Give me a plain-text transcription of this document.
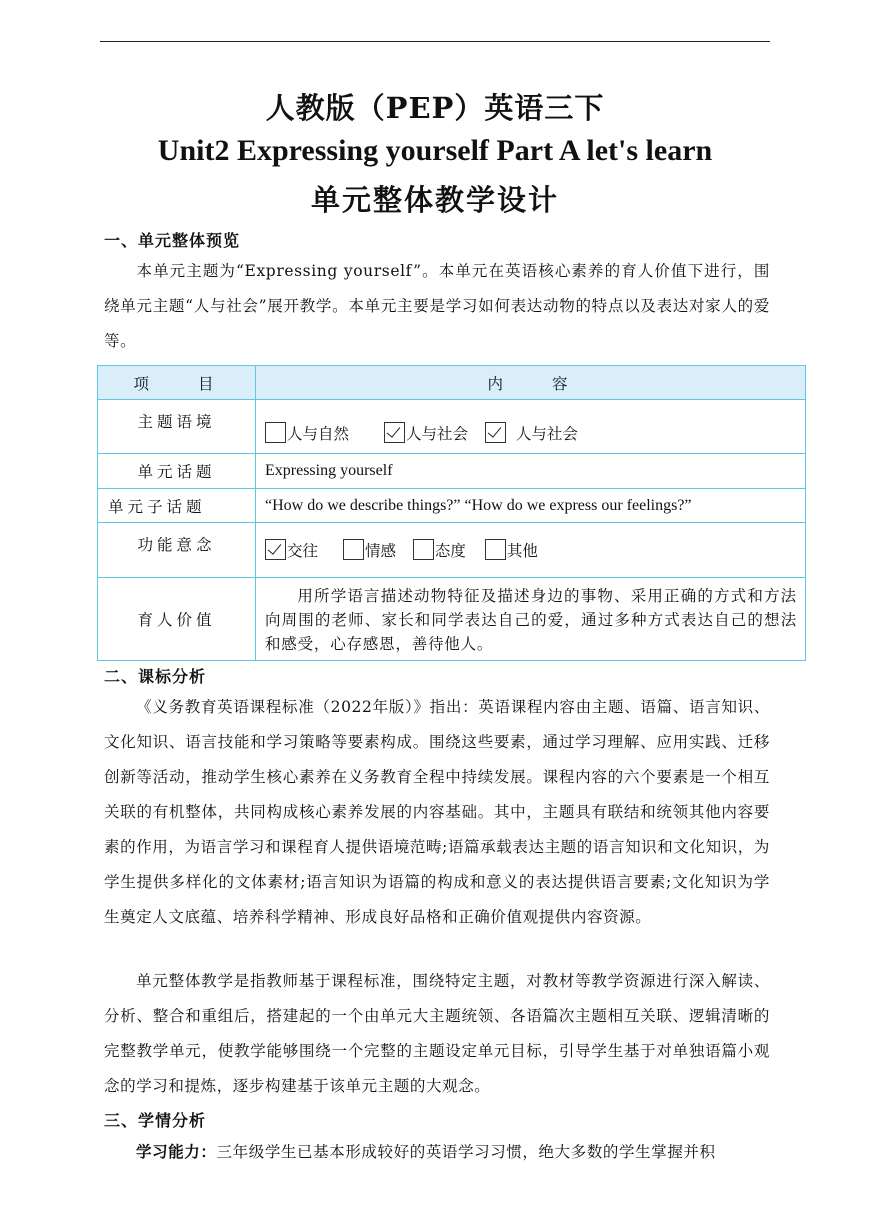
人教版（PEP）英语三下
Unit2 Expressing yourself Part A let's learn
单元整体教学设计
一、单元整体预览
本单元主题为“Expressing yourself”。本单元在英语核心素养的育人价值下进行，围绕单元主题“人与社会”展开教学。本单元主要是学习如何表达动物的特点以及表达对家人的爱等。
项　　目	内　　容
主题语境	人与自然 人与社会 人与社会
单元话题	Expressing yourself
单元子话题	“How do we describe things?” “How do we express our feelings?”
功能意念	交往 情感 态度 其他
育人价值	用所学语言描述动物特征及描述身边的事物、采用正确的方式和方法向周围的老师、家长和同学表达自己的爱，通过多种方式表达自己的想法和感受，心存感恩，善待他人。
二、课标分析
《义务教育英语课程标准（2022年版）》指出：英语课程内容由主题、语篇、语言知识、文化知识、语言技能和学习策略等要素构成。围绕这些要素，通过学习理解、应用实践、迁移创新等活动，推动学生核心素养在义务教育全程中持续发展。课程内容的六个要素是一个相互关联的有机整体，共同构成核心素养发展的内容基础。其中，主题具有联结和统领其他内容要素的作用，为语言学习和课程育人提供语境范畴;语篇承载表达主题的语言知识和文化知识，为学生提供多样化的文体素材;语言知识为语篇的构成和意义的表达提供语言要素;文化知识为学生奠定人文底蕴、培养科学精神、形成良好品格和正确价值观提供内容资源。
单元整体教学是指教师基于课程标准，围绕特定主题，对教材等教学资源进行深入解读、分析、整合和重组后，搭建起的一个由单元大主题统领、各语篇次主题相互关联、逻辑清晰的完整教学单元，使教学能够围绕一个完整的主题设定单元目标，引导学生基于对单独语篇小观念的学习和提炼，逐步构建基于该单元主题的大观念。
三、学情分析
学习能力：三年级学生已基本形成较好的英语学习习惯，绝大多数的学生掌握并积
